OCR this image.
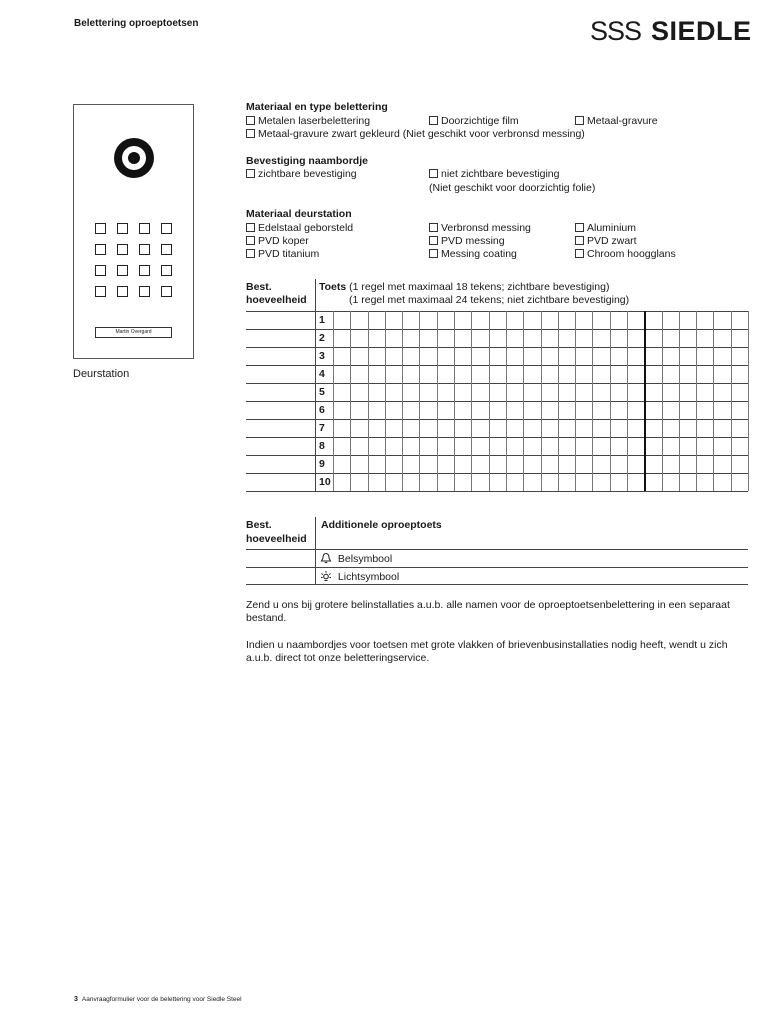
Belettering oproeptoetsen	SSS SIEDLE
Martin Overgard
Deurstation
Materiaal en type belettering
Metalen laserbelettering	Doorzichtige film	Metaal-gravure
Metaal-gravure zwart gekleurd (Niet geschikt voor verbronsd messing)
Bevestiging naambordje
zichtbare bevestiging	niet zichtbare bevestiging
(Niet geschikt voor doorzichtig folie)
Materiaal deurstation
Edelstaal geborsteld	Verbronsd messing	Aluminium
PVD koper	PVD messing	PVD zwart
PVD titanium	Messing coating	Chroom hoogglans
Best.
hoeveelheid
Toets (1 regel met maximaal 18 tekens; zichtbare bevestiging)
(1 regel met maximaal 24 tekens; niet zichtbare bevestiging)
1
2
3
4
5
6
7
8
9
10
Best.
hoeveelheid
Additionele oproeptoets
Belsymbool
Lichtsymbool
Zend u ons bij grotere belinstallaties a.u.b. alle namen voor de oproeptoetsenbelettering in een separaat bestand.
Indien u naambordjes voor toetsen met grote vlakken of brievenbusinstallaties nodig heeft, wendt u zich a.u.b. direct tot onze beletteringservice.
3 Aanvraagformulier voor de belettering voor Siedle Steel
